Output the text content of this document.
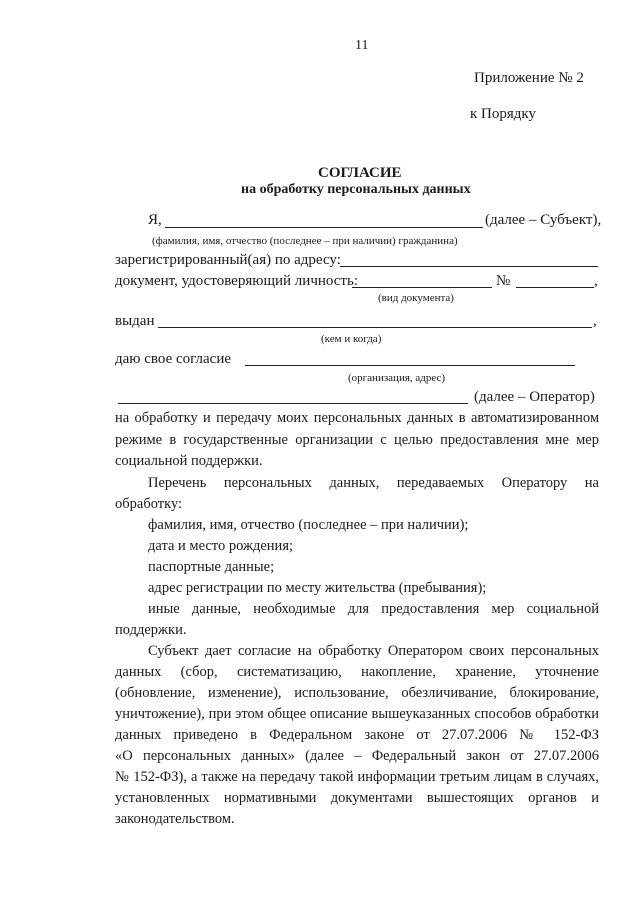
11
Приложение № 2
к Порядку
СОГЛАСИЕ
на обработку персональных данных
Я,	(далее – Субъект),
(фамилия, имя, отчество (последнее – при наличии) гражданина)
зарегистрированный(ая) по адресу:
документ, удостоверяющий личность:	№	,
(вид документа)
выдан	,
(кем и когда)
даю свое согласие
(организация, адрес)
(далее – Оператор)
на обработку и передачу моих персональных данных в автоматизированном
режиме в государственные организации с целью предоставления мне мер
социальной поддержки.
Перечень персональных данных, передаваемых Оператору на
обработку:
фамилия, имя, отчество (последнее – при наличии);
дата и место рождения;
паспортные данные;
адрес регистрации по месту жительства (пребывания);
иные данные, необходимые для предоставления мер социальной
поддержки.
Субъект дает согласие на обработку Оператором своих персональных
данных (сбор, систематизацию, накопление, хранение, уточнение
(обновление, изменение), использование, обезличивание, блокирование,
уничтожение), при этом общее описание вышеуказанных способов обработки
данных приведено в Федеральном законе от 27.07.2006 № 152-ФЗ
«О персональных данных» (далее – Федеральный закон от 27.07.2006
№ 152-ФЗ), а также на передачу такой информации третьим лицам в случаях,
установленных нормативными документами вышестоящих органов и
законодательством.
